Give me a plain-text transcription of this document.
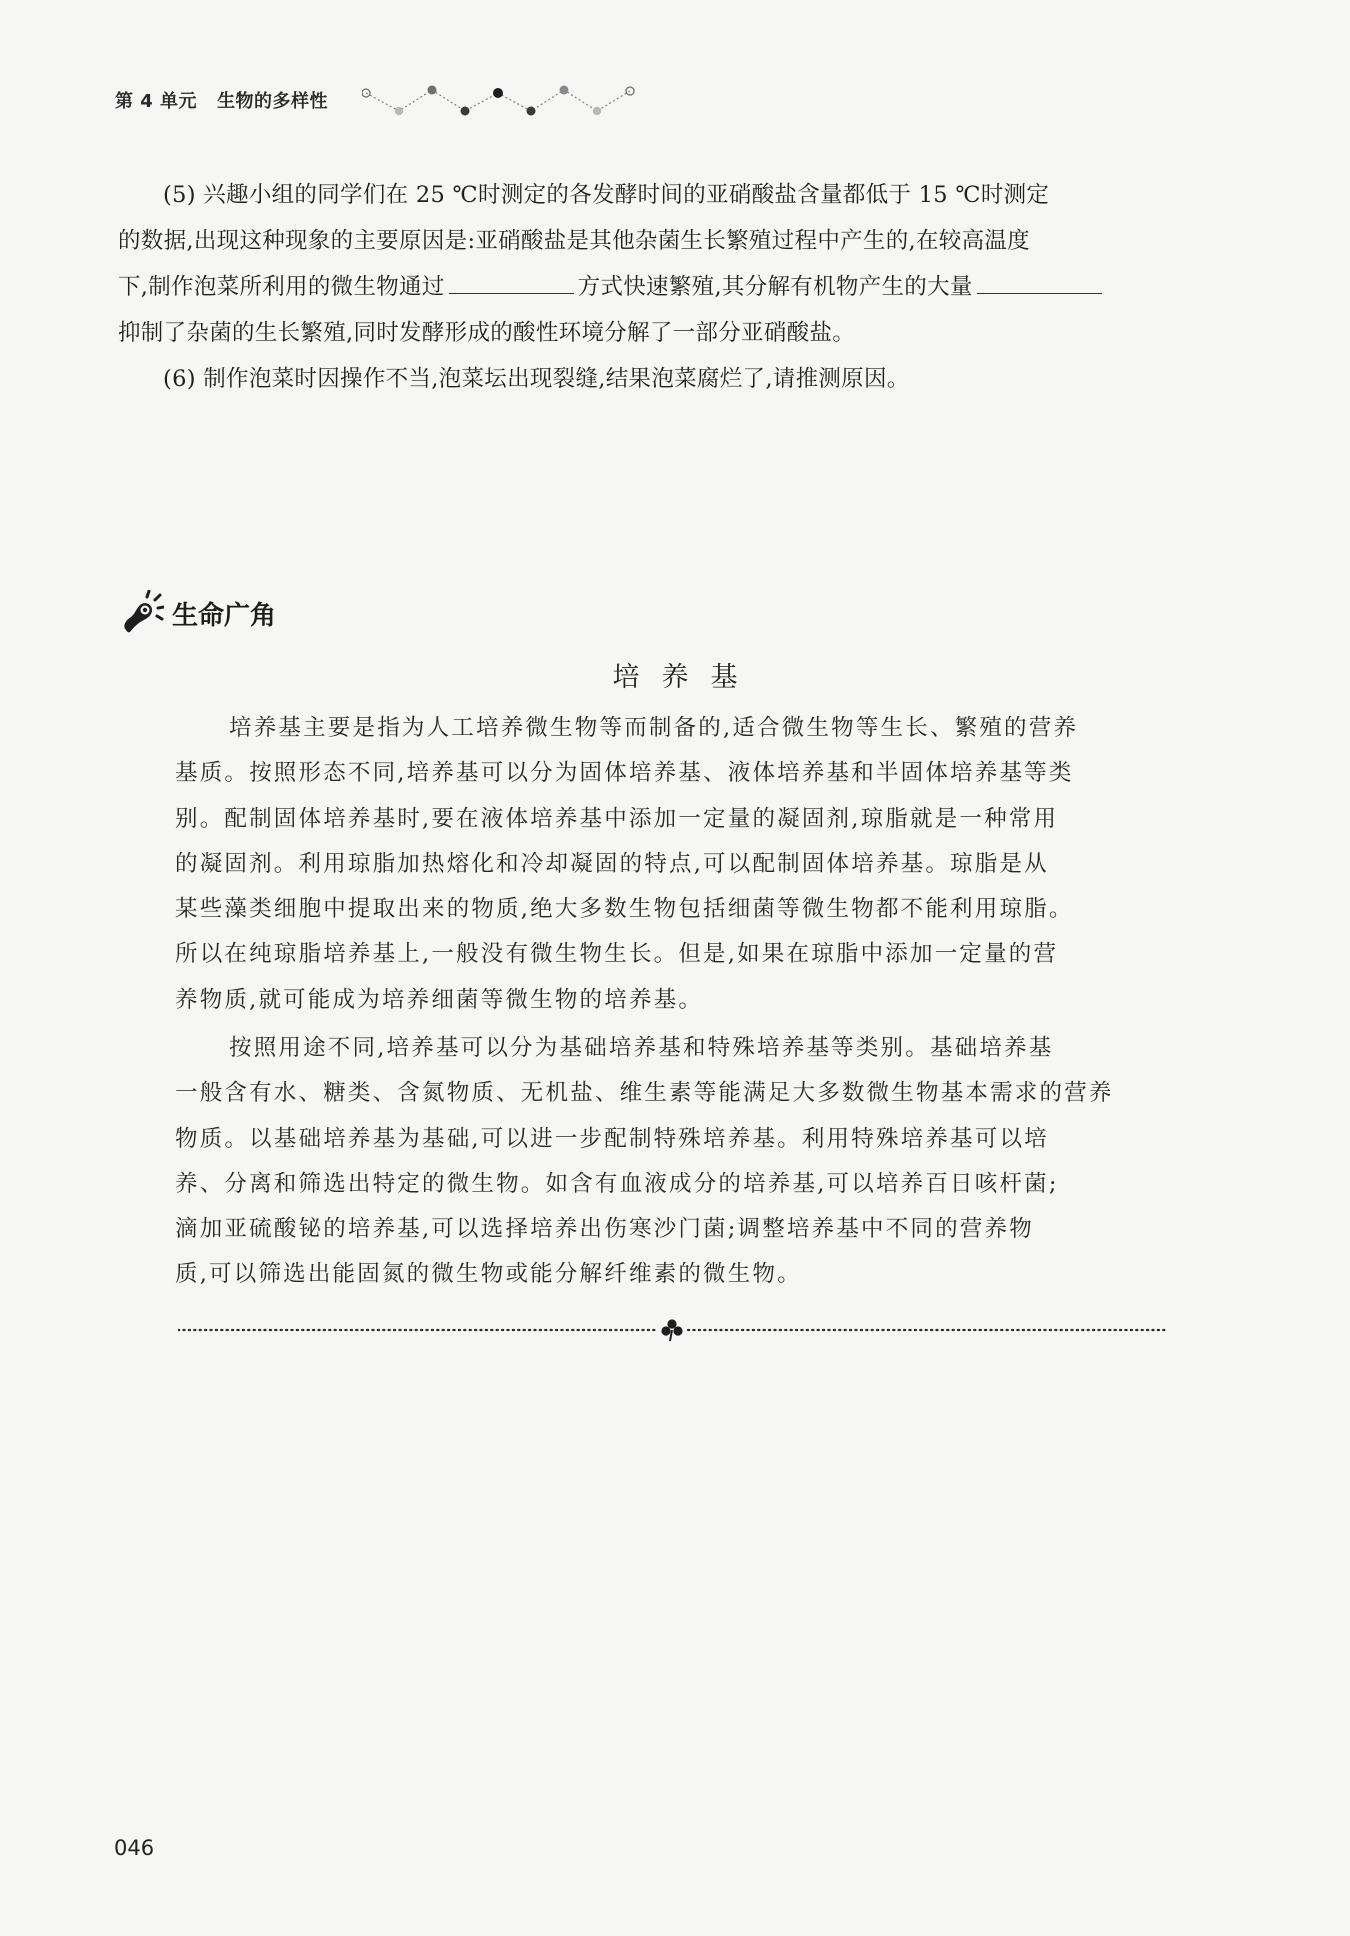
第 4 单元 生物的多样性
(5) 兴趣小组的同学们在 25 ℃时测定的各发酵时间的亚硝酸盐含量都低于 15 ℃时测定
的数据,出现这种现象的主要原因是:亚硝酸盐是其他杂菌生长繁殖过程中产生的,在较高温度
下,制作泡菜所利用的微生物通过	方式快速繁殖,其分解有机物产生的大量
抑制了杂菌的生长繁殖,同时发酵形成的酸性环境分解了一部分亚硝酸盐。
(6) 制作泡菜时因操作不当,泡菜坛出现裂缝,结果泡菜腐烂了,请推测原因。
生命广角
培养基
培养基主要是指为人工培养微生物等而制备的,适合微生物等生长、繁殖的营养
基质。按照形态不同,培养基可以分为固体培养基、液体培养基和半固体培养基等类
别。配制固体培养基时,要在液体培养基中添加一定量的凝固剂,琼脂就是一种常用
的凝固剂。利用琼脂加热熔化和冷却凝固的特点,可以配制固体培养基。琼脂是从
某些藻类细胞中提取出来的物质,绝大多数生物包括细菌等微生物都不能利用琼脂。
所以在纯琼脂培养基上,一般没有微生物生长。但是,如果在琼脂中添加一定量的营
养物质,就可能成为培养细菌等微生物的培养基。
按照用途不同,培养基可以分为基础培养基和特殊培养基等类别。基础培养基
一般含有水、糖类、含氮物质、无机盐、维生素等能满足大多数微生物基本需求的营养
物质。以基础培养基为基础,可以进一步配制特殊培养基。利用特殊培养基可以培
养、分离和筛选出特定的微生物。如含有血液成分的培养基,可以培养百日咳杆菌;
滴加亚硫酸铋的培养基,可以选择培养出伤寒沙门菌;调整培养基中不同的营养物
质,可以筛选出能固氮的微生物或能分解纤维素的微生物。
046
